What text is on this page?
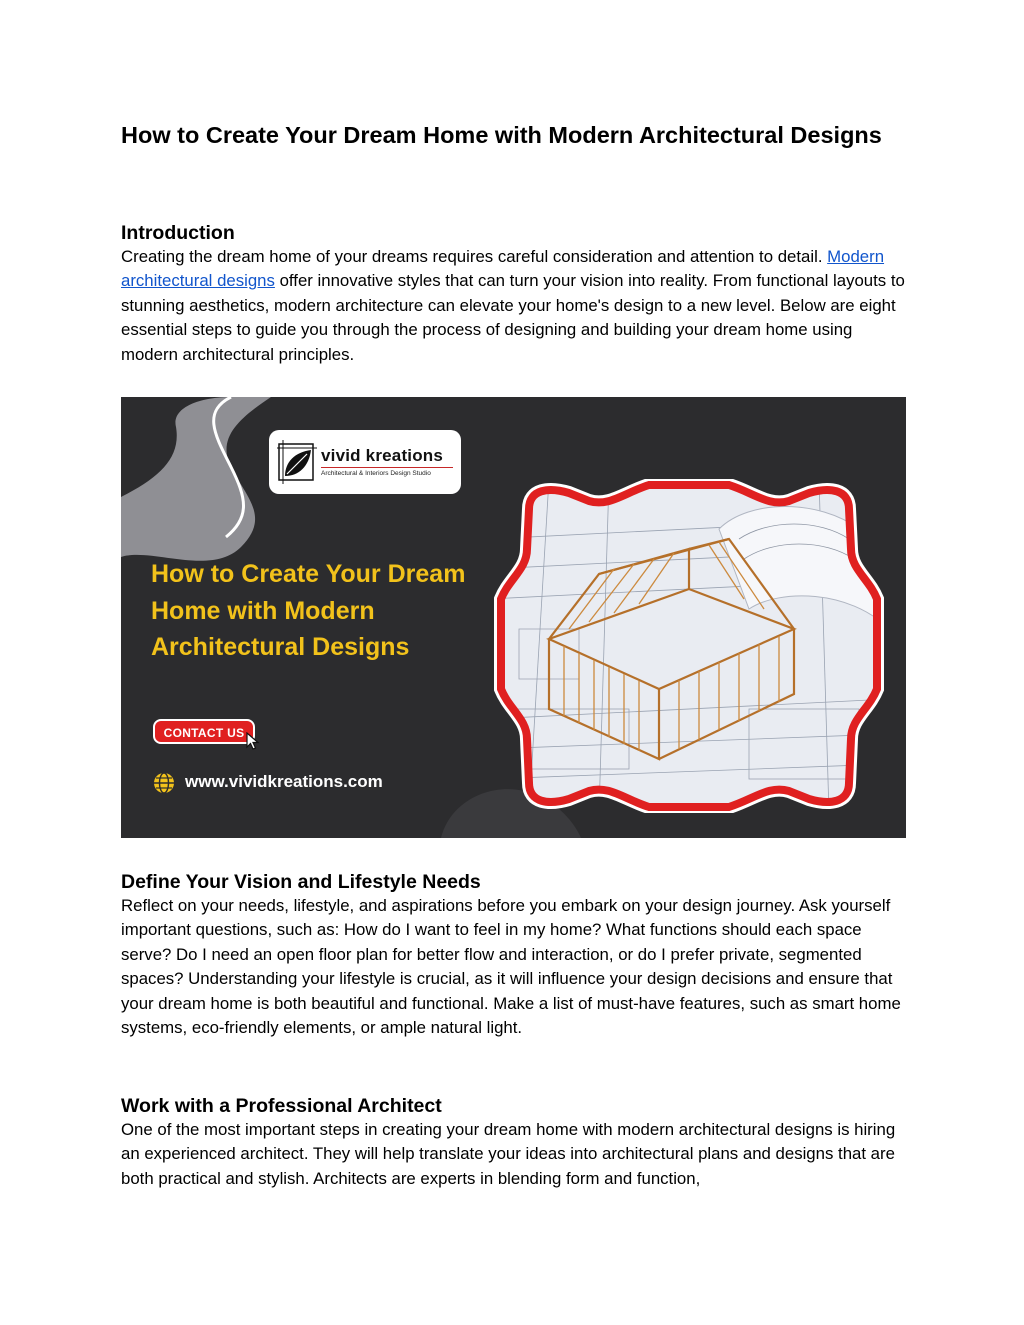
How to Create Your Dream Home with Modern Architectural Designs
Introduction

Creating the dream home of your dreams requires careful consideration and attention to detail. Modern architectural designs offer innovative styles that can turn your vision into reality. From functional layouts to stunning aesthetics, modern architecture can elevate your home's design to a new level. Below are eight essential steps to guide you through the process of designing and building your dream home using modern architectural principles.

vivid kreations
Architectural & Interiors Design Studio
How to Create Your Dream Home with Modern Architectural Designs
CONTACT US
www.vividkreations.com
Define Your Vision and Lifestyle Needs

Reflect on your needs, lifestyle, and aspirations before you embark on your design journey. Ask yourself important questions, such as: How do I want to feel in my home? What functions should each space serve? Do I need an open floor plan for better flow and interaction, or do I prefer private, segmented spaces? Understanding your lifestyle is crucial, as it will influence your design decisions and ensure that your dream home is both beautiful and functional. Make a list of must-have features, such as smart home systems, eco-friendly elements, or ample natural light.

Work with a Professional Architect

One of the most important steps in creating your dream home with modern architectural designs is hiring an experienced architect. They will help translate your ideas into architectural plans and designs that are both practical and stylish. Architects are experts in blending form and function,
